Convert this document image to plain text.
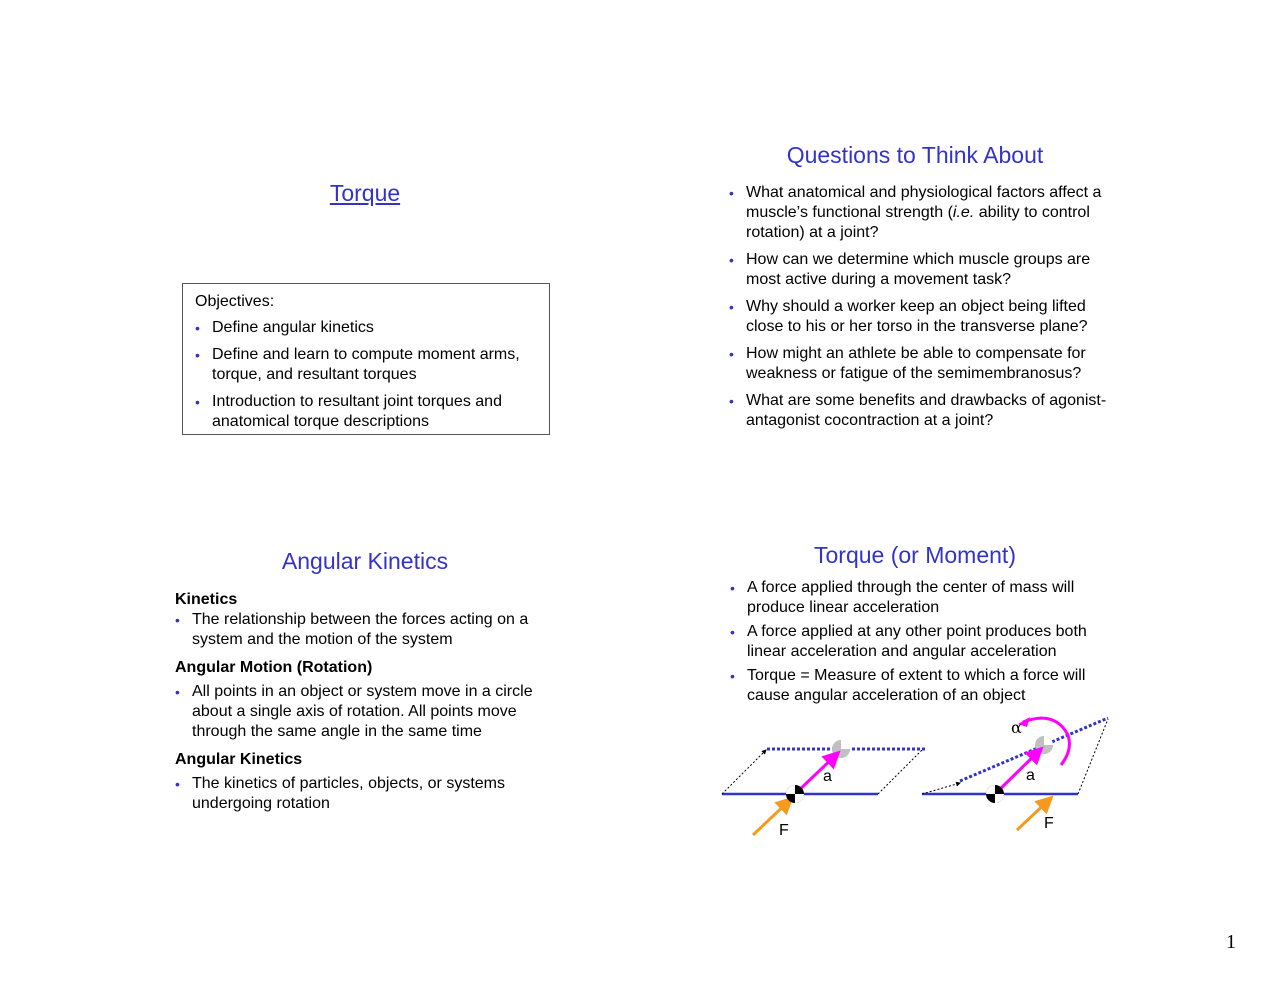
Torque
Objectives:
• Define angular kinetics
• Define and learn to compute moment arms, torque, and resultant torques
• Introduction to resultant joint torques and anatomical torque descriptions
Questions to Think About
• What anatomical and physiological factors affect a muscle’s functional strength (i.e. ability to control rotation) at a joint?
• How can we determine which muscle groups are most active during a movement task?
• Why should a worker keep an object being lifted close to his or her torso in the transverse plane?
• How might an athlete be able to compensate for weakness or fatigue of the semimembranosus?
• What are some benefits and drawbacks of agonist-antagonist cocontraction at a joint?
Angular Kinetics
Kinetics
• The relationship between the forces acting on a system and the motion of the system
Angular Motion (Rotation)
• All points in an object or system move in a circle about a single axis of rotation. All points move through the same angle in the same time
Angular Kinetics
• The kinetics of particles, objects, or systems undergoing rotation
Torque (or Moment)
• A force applied through the center of mass will produce linear acceleration
• A force applied at any other point produces both linear acceleration and angular acceleration
• Torque = Measure of extent to which a force will cause angular acceleration of an object
a
F
α
a
F
1
